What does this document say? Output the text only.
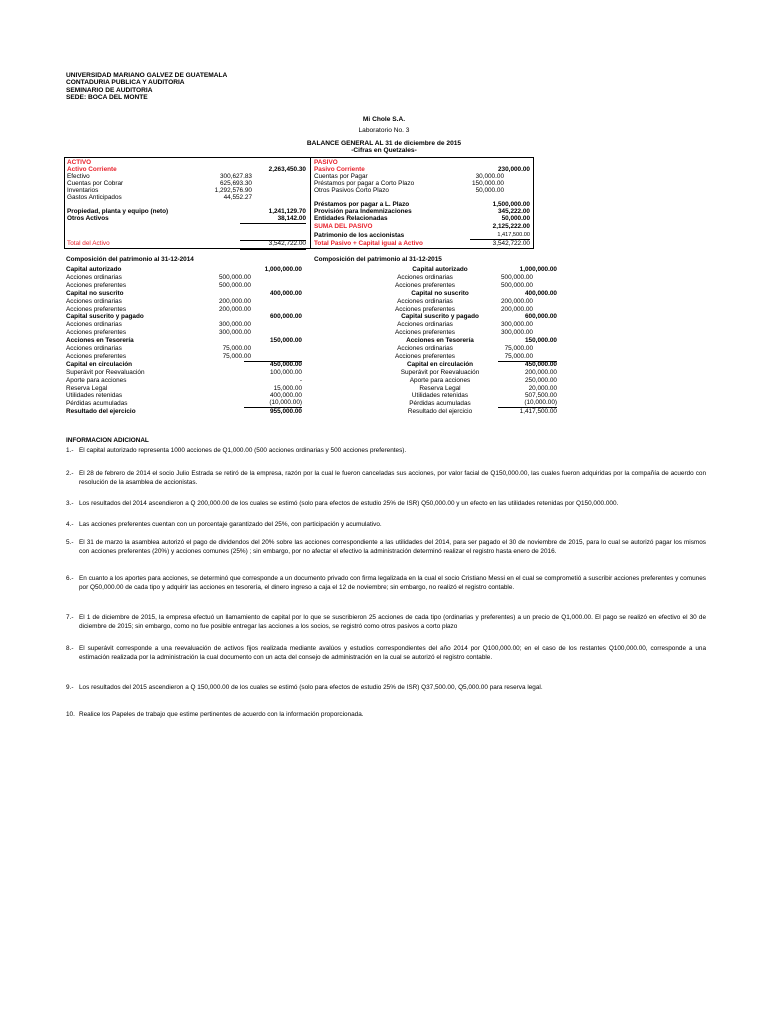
UNIVERSIDAD MARIANO GALVEZ DE GUATEMALA
CONTADURIA PUBLICA Y AUDITORIA
SEMINARIO DE AUDITORIA
SEDE: BOCA DEL MONTE
Mi Chole S.A.
Laboratorio No. 3
BALANCE GENERAL AL 31 de diciembre de 2015
-Cifras en Quetzales-
ACTIVO
Activo Corriente	2,263,450.30
Efectivo	300,627.83
Cuentas por Cobrar	625,693.30
Inventarios	1,292,576.90
Gastos Anticipados	44,552.27
Propiedad, planta y equipo (neto)	1,241,129.70
Otros Activos	38,142.00
Total del Activo	3,542,722.00
PASIVO
Pasivo Corriente	230,000.00
Cuentas por Pagar	30,000.00
Préstamos por pagar a Corto Plazo	150,000.00
Otros Pasivos Corto Plazo	50,000.00
Préstamos por pagar a L. Plazo	1,500,000.00
Provisión para Indemnizaciones	345,222.00
Entidades Relacionadas	50,000.00
SUMA DEL PASIVO	2,125,222.00
Patrimonio de los accionistas	1,417,500.00
Total Pasivo + Capital igual a Activo	3,542,722.00
Composición del patrimonio al 31-12-2014	Composición del patrimonio al 31-12-2015
Capital autorizado	1,000,000.00
Acciones ordinarias	500,000.00
Acciones preferentes	500,000.00
Capital no suscrito	400,000.00
Acciones ordinarias	200,000.00
Acciones preferentes	200,000.00
Capital suscrito y pagado	600,000.00
Acciones ordinarias	300,000.00
Acciones preferentes	300,000.00
Acciones en Tesorería	150,000.00
Acciones ordinarias	75,000.00
Acciones preferentes	75,000.00
Capital en circulación	450,000.00
Superávit por Reevaluación	100,000.00
Aporte para acciones	-
Reserva Legal	15,000.00
Utilidades retenidas	400,000.00
Pérdidas acumuladas	(10,000.00)
Resultado del ejercicio	955,000.00
Capital autorizado	1,000,000.00
Acciones ordinarias	500,000.00
Acciones preferentes	500,000.00
Capital no suscrito	400,000.00
Acciones ordinarias	200,000.00
Acciones preferentes	200,000.00
Capital suscrito y pagado	600,000.00
Acciones ordinarias	300,000.00
Acciones preferentes	300,000.00
Acciones en Tesorería	150,000.00
Acciones ordinarias	75,000.00
Acciones preferentes	75,000.00
Capital en circulación	450,000.00
Superávit por Reevaluación	200,000.00
Aporte para acciones	250,000.00
Reserva Legal	20,000.00
Utilidades retenidas	507,500.00
Pérdidas acumuladas	(10,000.00)
Resultado del ejercicio	1,417,500.00
INFORMACION ADICIONAL
1.- El capital autorizado representa 1000 acciones de Q1,000.00 (500 acciones ordinarias y 500 acciones preferentes).
2.- El 28 de febrero de 2014 el socio Julio Estrada se retiró de la empresa, razón por la cual le fueron canceladas sus acciones, por valor facial de Q150,000.00, las cuales fueron adquiridas por la compañía de acuerdo con resolución de la asamblea de accionistas.
3.- Los resultados del 2014 ascendieron a Q 200,000.00 de los cuales se estimó (solo para efectos de estudio 25% de ISR) Q50,000.00 y un efecto en las utilidades retenidas por Q150,000.000.
4.- Las acciones preferentes cuentan con un porcentaje garantizado del 25%, con participación y acumulativo.
5.- El 31 de marzo la asamblea autorizó el pago de dividendos del 20% sobre las acciones correspondiente a las utilidades del 2014, para ser pagado el 30 de noviembre de 2015, para lo cual se autorizó pagar los mismos con acciones preferentes (20%) y acciones comunes (25%) ; sin embargo, por no afectar el efectivo la administración determinó realizar el registro hasta enero de 2016.
6.- En cuanto a los aportes para acciones, se determinó que corresponde a un documento privado con firma legalizada en la cual el socio Cristiano Messi en el cual se comprometió a suscribir acciones preferentes y comunes por Q50,000.00 de cada tipo y adquirir las acciones en tesorería, el dinero ingreso a caja el 12 de noviembre; sin embargo, no realizó el registro contable.
7.- El 1 de diciembre de 2015, la empresa efectuó un llamamiento de capital por lo que se suscribieron 25 acciones de cada tipo (ordinarias y preferentes) a un precio de Q1,000.00. El pago se realizó en efectivo el 30 de diciembre de 2015; sin embargo, como no fue posible entregar las acciones a los socios, se registró como otros pasivos a corto plazo
8.- El superávit corresponde a una reevaluación de activos fijos realizada mediante avalúos y estudios correspondientes del año 2014 por Q100,000.00; en el caso de los restantes Q100,000.00, corresponde a una estimación realizada por la administración la cual documento con un acta del consejo de administración en la cual se autorizó el registro contable.
9.- Los resultados del 2015 ascendieron a Q 150,000.00 de los cuales se estimó (solo para efectos de estudio 25% de ISR) Q37,500.00, Q5,000.00 para reserva legal.
10. Realice los Papeles de trabajo que estime pertinentes de acuerdo con la información proporcionada.
